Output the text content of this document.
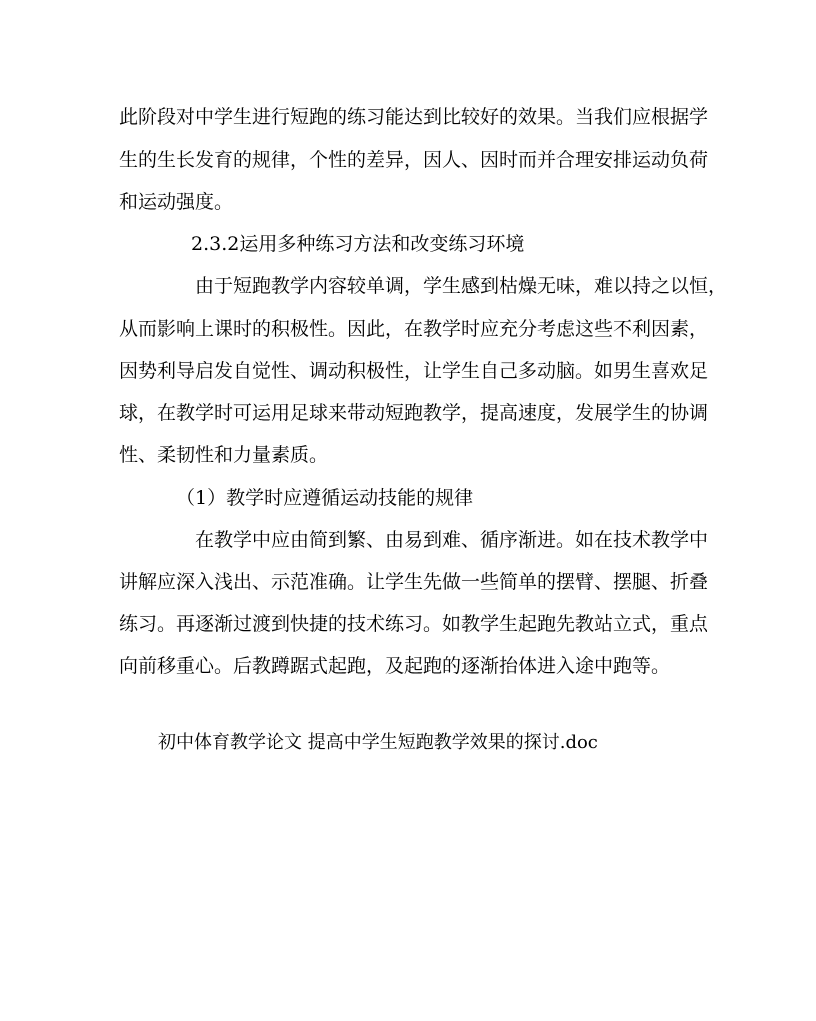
此阶段对中学生进行短跑的练习能达到比较好的效果。当我们应根据学
生的生长发育的规律，个性的差异，因人、因时而并合理安排运动负荷
和运动强度。
2.3.2运用多种练习方法和改变练习环境
由于短跑教学内容较单调，学生感到枯燥无味，难以持之以恒，
从而影响上课时的积极性。因此，在教学时应充分考虑这些不利因素，
因势利导启发自觉性、调动积极性，让学生自己多动脑。如男生喜欢足
球，在教学时可运用足球来带动短跑教学，提高速度，发展学生的协调
性、柔韧性和力量素质。
（1）教学时应遵循运动技能的规律
在教学中应由简到繁、由易到难、循序渐进。如在技术教学中
讲解应深入浅出、示范准确。让学生先做一些简单的摆臂、摆腿、折叠
练习。再逐渐过渡到快捷的技术练习。如教学生起跑先教站立式，重点
向前移重心。后教蹲踞式起跑，及起跑的逐渐抬体进入途中跑等。
初中体育教学论文 提高中学生短跑教学效果的探讨.doc
